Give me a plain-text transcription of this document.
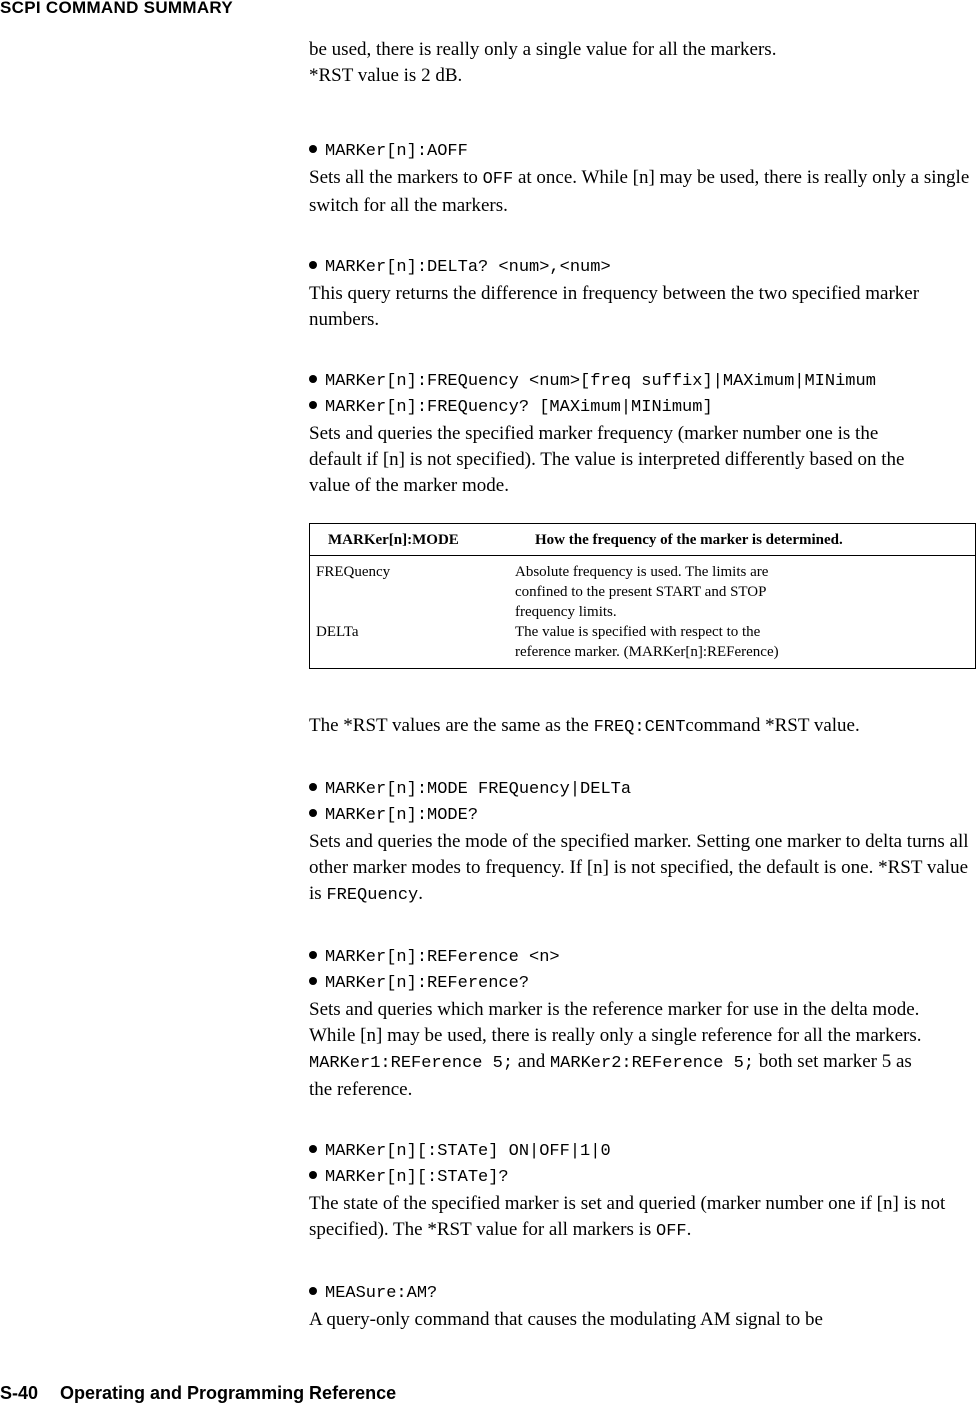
SCPI COMMAND SUMMARY

be used, there is really only a single value for all the markers.

*RST value is 2 dB.

MARKer[n]:AOFF

Sets all the markers to OFF at once. While [n] may be used, there is really only a single switch for all the markers.

MARKer[n]:DELTa? <num>,<num>

This query returns the difference in frequency between the two specified marker numbers.

MARKer[n]:FREQuency <num>[freq suffix]|MAXimum|MINimum
MARKer[n]:FREQuency? [MAXimum|MINimum]

Sets and queries the specified marker frequency (marker number one is the default if [n] is not specified). The value is interpreted differently based on the value of the marker mode.

MARKer[n]:MODE	How the frequency of the marker is determined.
FREQuency	Absolute frequency is used. The limits are
confined to the present START and STOP
frequency limits.
DELTa	The value is specified with respect to the
reference marker. (MARKer[n]:REFerence)

The *RST values are the same as the FREQ:CENTcommand *RST value.

MARKer[n]:MODE FREQuency|DELTa
MARKer[n]:MODE?

Sets and queries the mode of the specified marker. Setting one marker to delta turns all other marker modes to frequency. If [n] is not specified, the default is one. *RST value is FREQuency.

MARKer[n]:REFerence <n>
MARKer[n]:REFerence?

Sets and queries which marker is the reference marker for use in the delta mode. While [n] may be used, there is really only a single reference for all the markers. MARKer1:REFerence 5; and MARKer2:REFerence 5; both set marker 5 as the reference.

MARKer[n][:STATe] ON|OFF|1|0
MARKer[n][:STATe]?

The state of the specified marker is set and queried (marker number one if [n] is not specified). The *RST value for all markers is OFF.

MEASure:AM?

A query-only command that causes the modulating AM signal to be

S-40 Operating and Programming Reference
